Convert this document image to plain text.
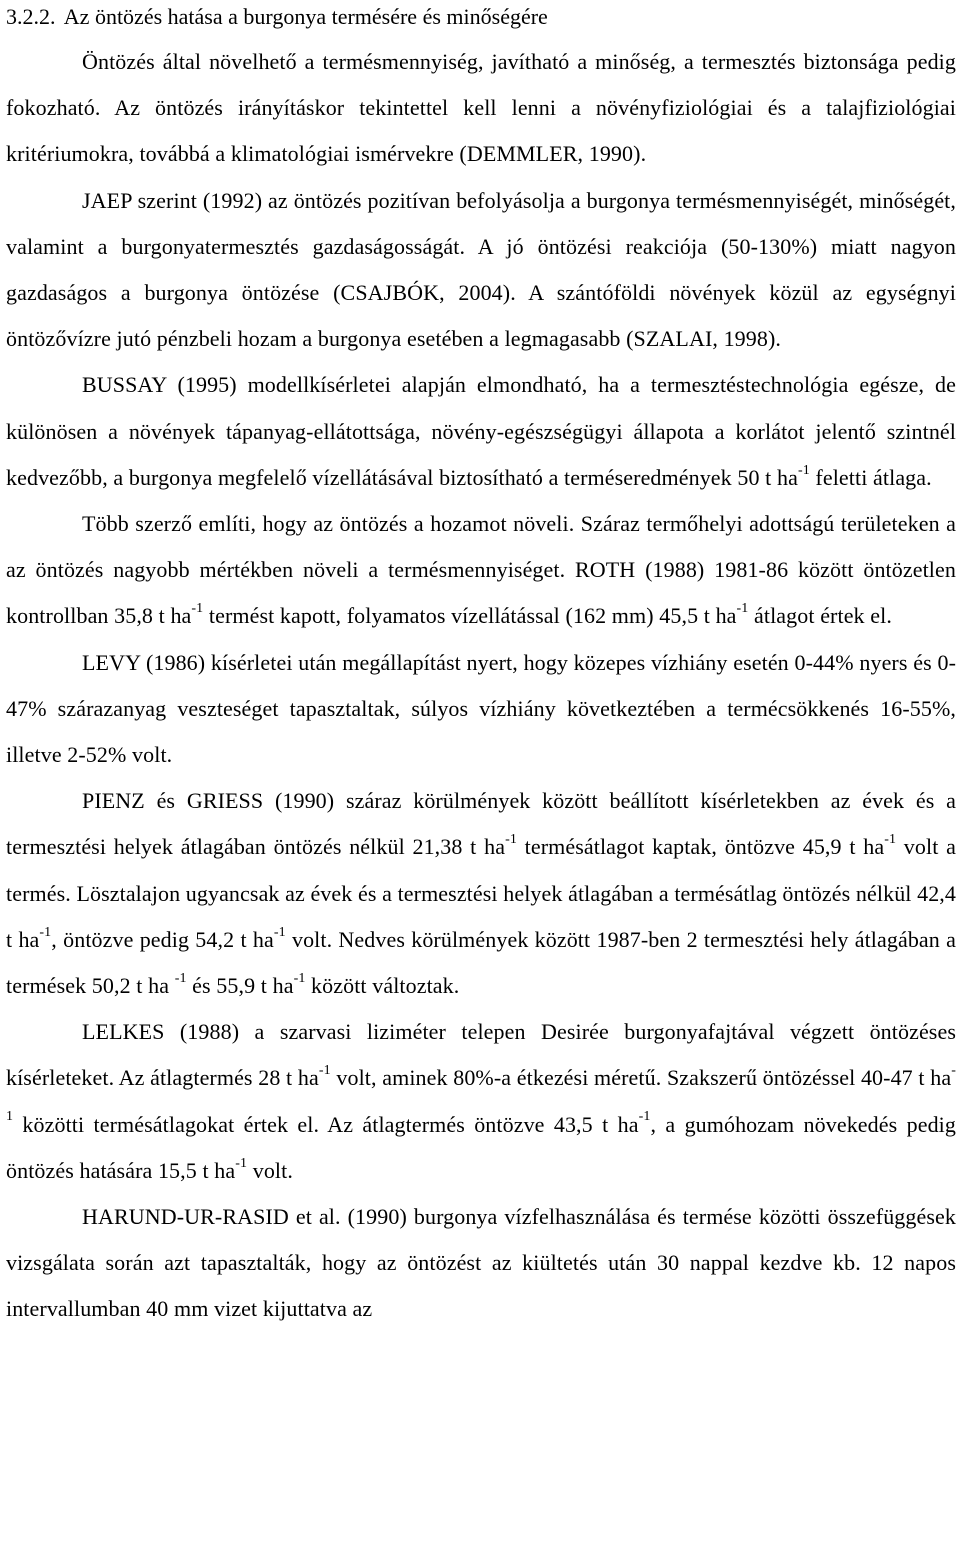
3.2.2. Az öntözés hatása a burgonya termésére és minőségére

Öntözés által növelhető a termésmennyiség, javítható a minőség, a termesztés biztonsága pedig fokozható. Az öntözés irányításkor tekintettel kell lenni a növényfiziológiai és a talajfiziológiai kritériumokra, továbbá a klimatológiai ismérvekre (DEMMLER, 1990).

JAEP szerint (1992) az öntözés pozitívan befolyásolja a burgonya termésmennyiségét, minőségét, valamint a burgonyatermesztés gazdaságosságát. A jó öntözési reakciója (50-130%) miatt nagyon gazdaságos a burgonya öntözése (CSAJBÓK, 2004). A szántóföldi növények közül az egységnyi öntözővízre jutó pénzbeli hozam a burgonya esetében a legmagasabb (SZALAI, 1998).

BUSSAY (1995) modellkísérletei alapján elmondható, ha a termesztéstechnológia egésze, de különösen a növények tápanyag-ellátottsága, növény-egészségügyi állapota a korlátot jelentő szintnél kedvezőbb, a burgonya megfelelő vízellátásával biztosítható a terméseredmények 50 t $ha^{-1}$ feletti átlaga.

Több szerző említi, hogy az öntözés a hozamot növeli. Száraz termőhelyi adottságú területeken a az öntözés nagyobb mértékben növeli a termésmennyiséget. ROTH (1988) 1981-86 között öntözetlen kontrollban 35,8 t $ha^{-1}$ termést kapott, folyamatos vízellátással (162 mm) 45,5 t $ha^{-1}$ átlagot értek el.

LEVY (1986) kísérletei után megállapítást nyert, hogy közepes vízhiány esetén 0-44% nyers és 0-47% szárazanyag veszteséget tapasztaltak, súlyos vízhiány következtében a termécsökkenés 16-55%, illetve 2-52% volt.

PIENZ és GRIESS (1990) száraz körülmények között beállított kísérletekben az évek és a termesztési helyek átlagában öntözés nélkül 21,38 t $ha^{-1}$ termésátlagot kaptak, öntözve 45,9 t $ha^{-1}$ volt a termés. Lösztalajon ugyancsak az évek és a termesztési helyek átlagában a termésátlag öntözés nélkül 42,4 t $ha^{-1}$, öntözve pedig 54,2 t $ha^{-1}$ volt. Nedves körülmények között 1987-ben 2 termesztési hely átlagában a termések 50,2 t ha $^{-1}$ és 55,9 t $ha^{-1}$ között változtak.

LELKES (1988) a szarvasi liziméter telepen Desirée burgonyafajtával végzett öntözéses kísérleteket. Az átlagtermés 28 t $ha^{-1}$ volt, aminek 80%-a étkezési méretű. Szakszerű öntözéssel 40-47 t $ha^{-1}$ közötti termésátlagokat értek el. Az átlagtermés öntözve 43,5 t $ha^{-1}$, a gumóhozam növekedés pedig öntözés hatására 15,5 t $ha^{-1}$ volt.

HARUND-UR-RASID et al. (1990) burgonya vízfelhasználása és termése közötti összefüggések vizsgálata során azt tapasztalták, hogy az öntözést az kiültetés után 30 nappal kezdve kb. 12 napos intervallumban 40 mm vizet kijuttatva az
